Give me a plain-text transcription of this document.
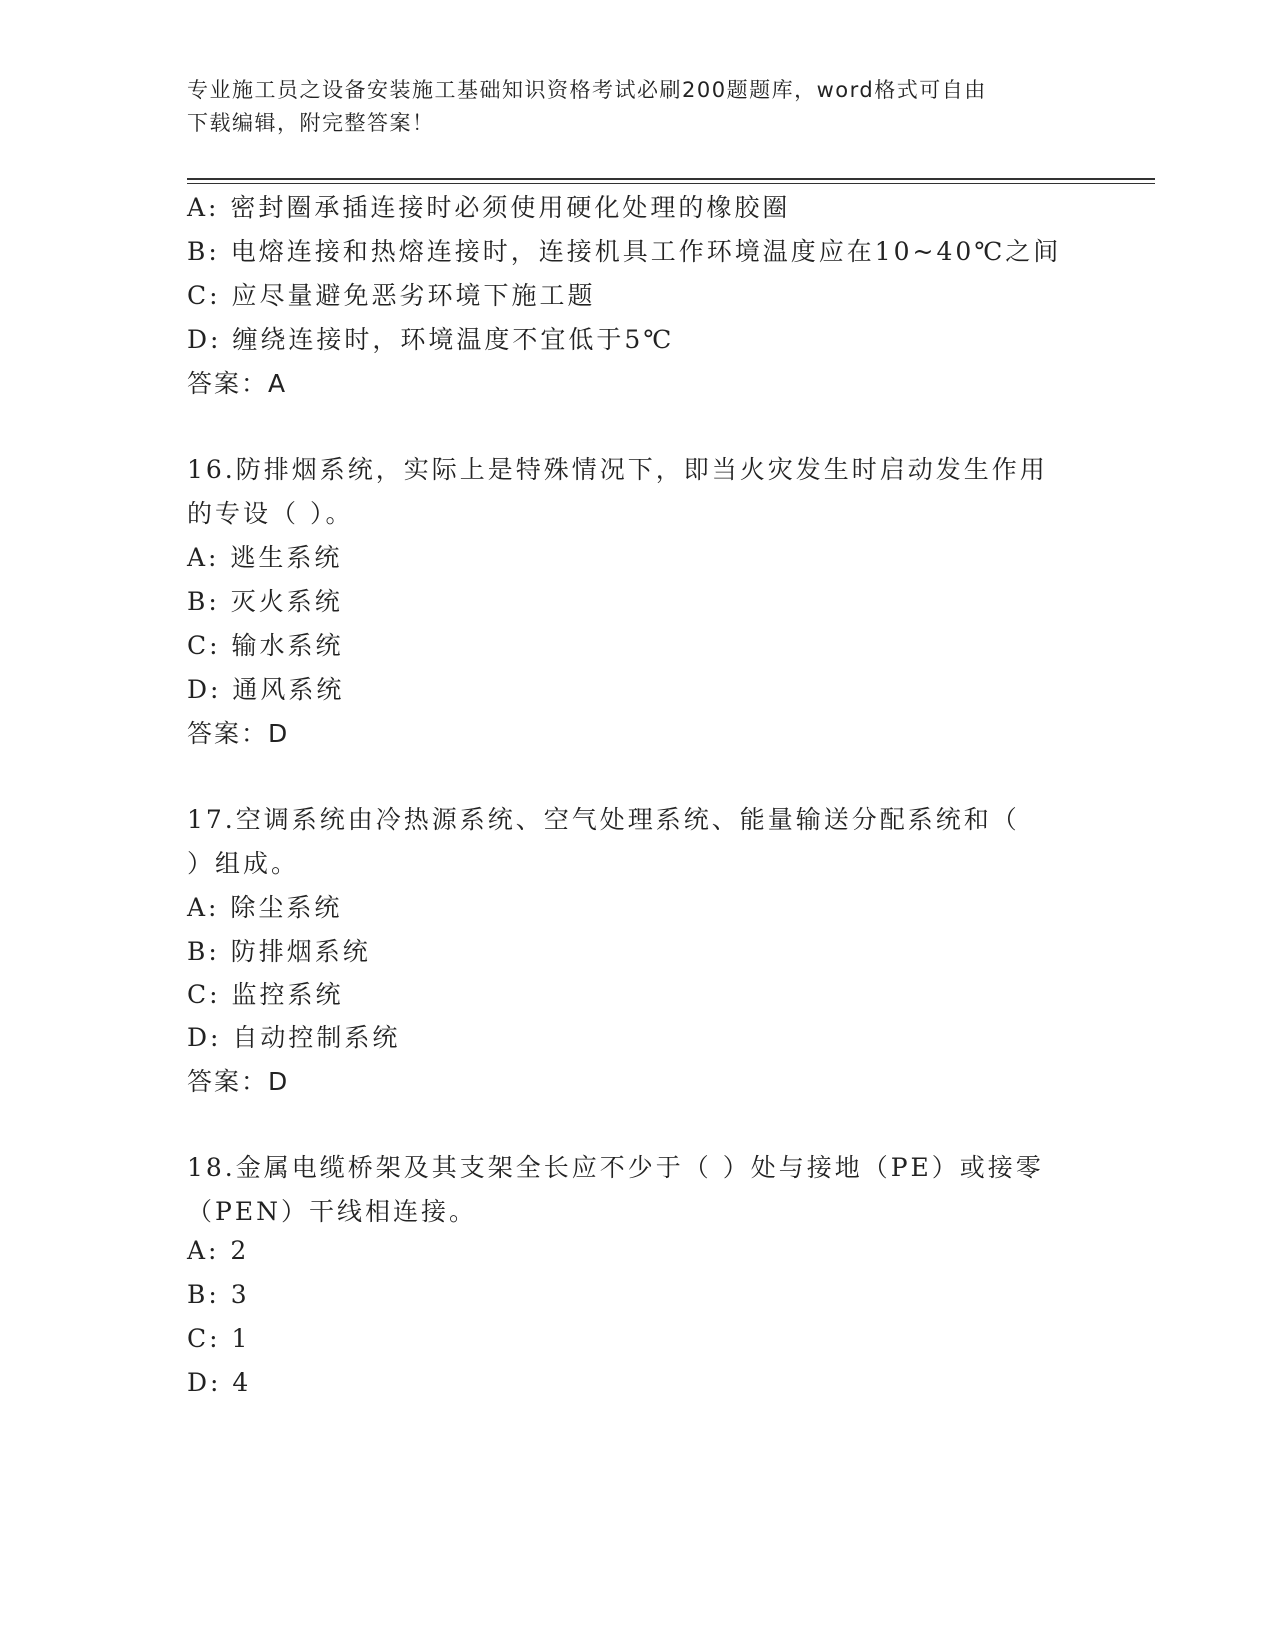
专业施工员之设备安装施工基础知识资格考试必刷200题题库，word格式可自由
下载编辑，附完整答案！
A: 密封圈承插连接时必须使用硬化处理的橡胶圈
B: 电熔连接和热熔连接时，连接机具工作环境温度应在10~40℃之间
C: 应尽量避免恶劣环境下施工题
D: 缠绕连接时，环境温度不宜低于5℃
答案：A
16.防排烟系统，实际上是特殊情况下，即当火灾发生时启动发生作用
的专设（ ）。
A: 逃生系统
B: 灭火系统
C: 输水系统
D: 通风系统
答案：D
17.空调系统由冷热源系统、空气处理系统、能量输送分配系统和（
）组成。
A: 除尘系统
B: 防排烟系统
C: 监控系统
D: 自动控制系统
答案：D
18.金属电缆桥架及其支架全长应不少于（ ）处与接地（PE）或接零
（PEN）干线相连接。
A: 2
B: 3
C: 1
D: 4
